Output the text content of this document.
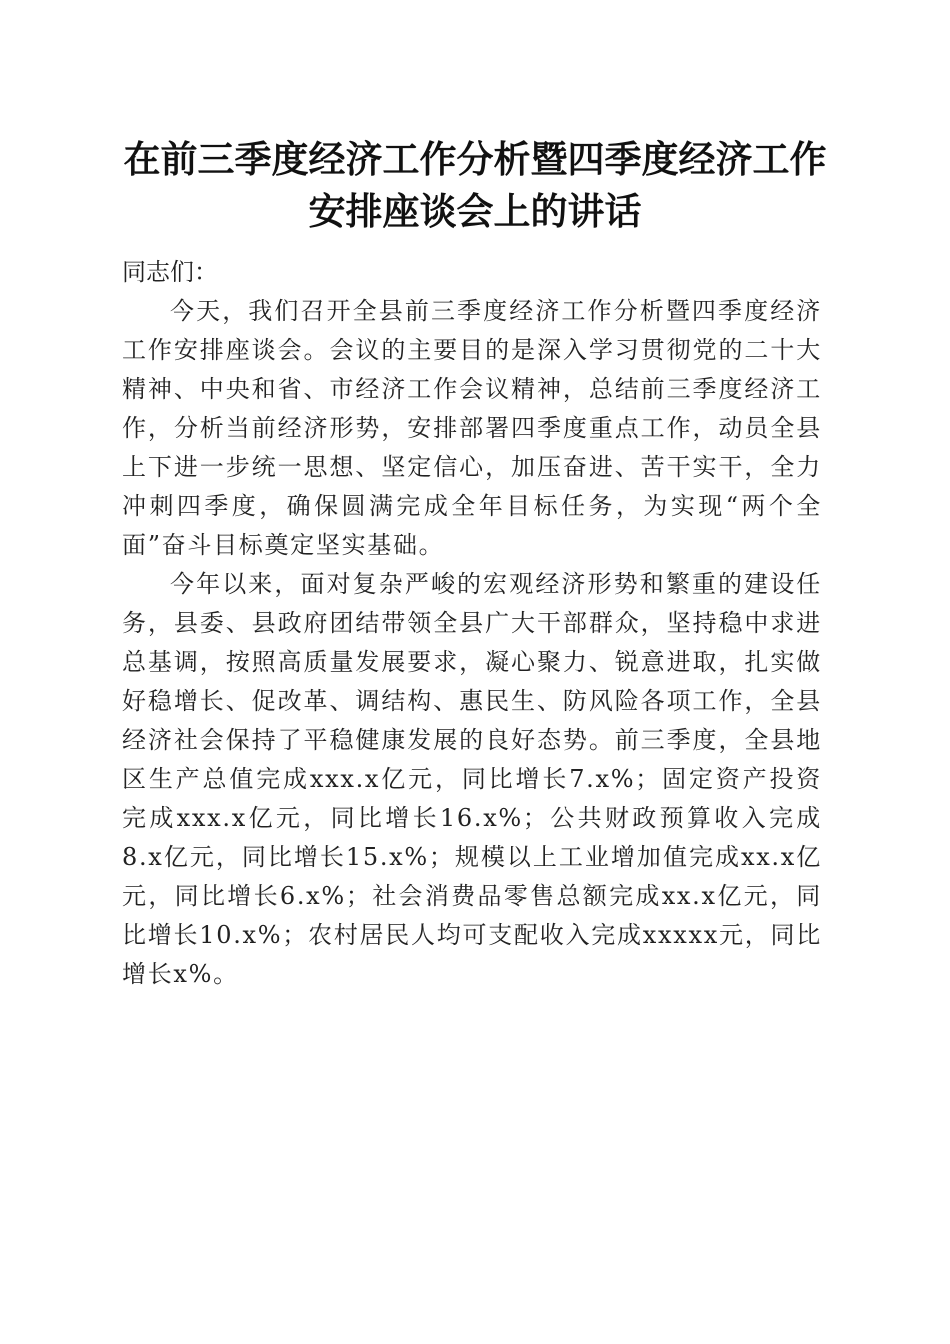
在前三季度经济工作分析暨四季度经济工作安排座谈会上的讲话

同志们：

今天，我们召开全县前三季度经济工作分析暨四季度经济工作安排座谈会。会议的主要目的是深入学习贯彻党的二十大精神、中央和省、市经济工作会议精神，总结前三季度经济工作，分析当前经济形势，安排部署四季度重点工作，动员全县上下进一步统一思想、坚定信心，加压奋进、苦干实干，全力冲刺四季度，确保圆满完成全年目标任务，为实现“两个全面”奋斗目标奠定坚实基础。

今年以来，面对复杂严峻的宏观经济形势和繁重的建设任务，县委、县政府团结带领全县广大干部群众，坚持稳中求进总基调，按照高质量发展要求，凝心聚力、锐意进取，扎实做好稳增长、促改革、调结构、惠民生、防风险各项工作，全县经济社会保持了平稳健康发展的良好态势。前三季度，全县地区生产总值完成xxx.x亿元，同比增长7.x%；固定资产投资完成xxx.x亿元，同比增长16.x%；公共财政预算收入完成8.x亿元，同比增长15.x%；规模以上工业增加值完成xx.x亿元，同比增长6.x%；社会消费品零售总额完成xx.x亿元，同比增长10.x%；农村居民人均可支配收入完成xxxxx元，同比增长x%。
